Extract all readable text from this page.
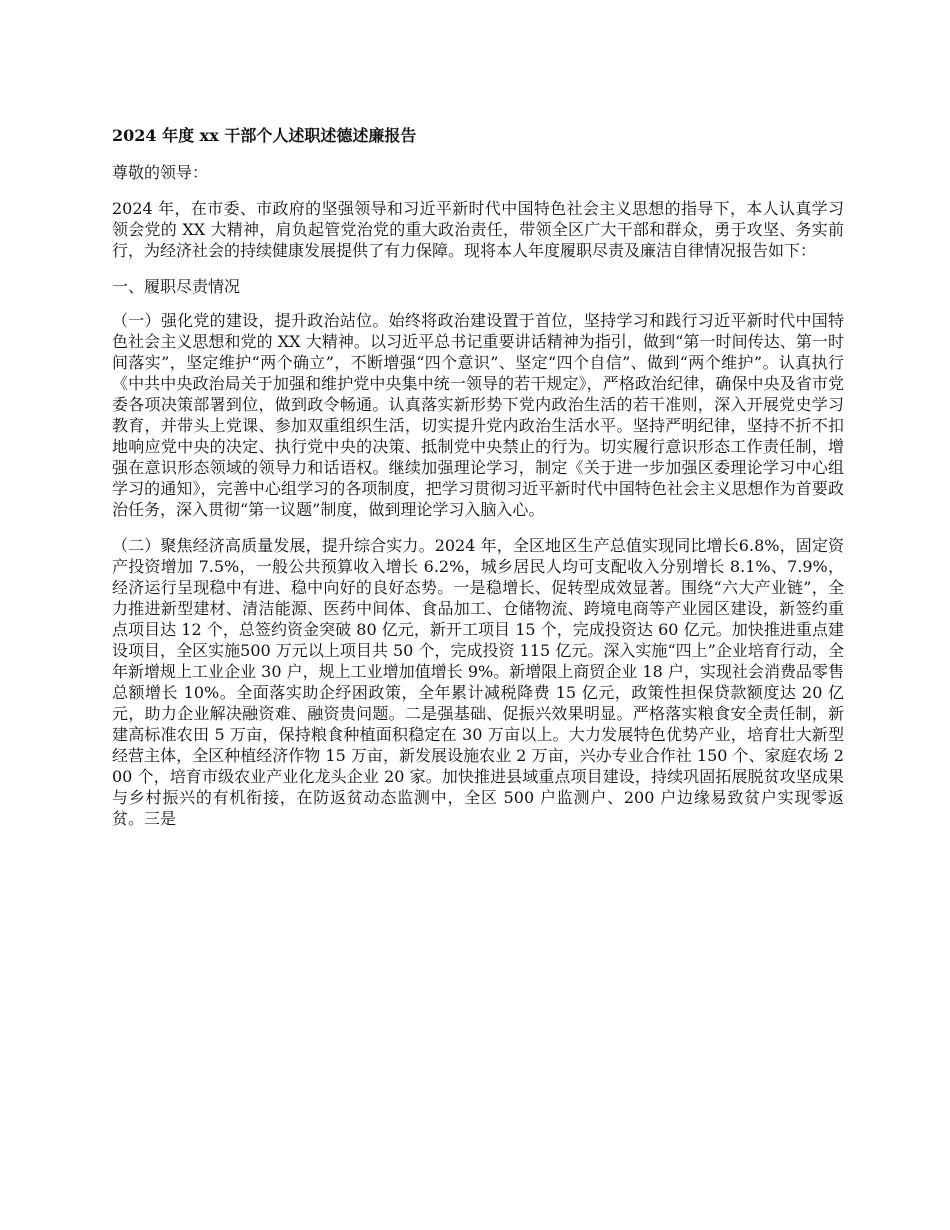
2024 年度 xx 干部个人述职述德述廉报告
尊敬的领导：
2024 年，在市委、市政府的坚强领导和习近平新时代中国特色社会主义思想的指导下，本人认真学习领会党的 XX 大精神，肩负起管党治党的重大政治责任，带领全区广大干部和群众，勇于攻坚、务实前行，为经济社会的持续健康发展提供了有力保障。现将本人年度履职尽责及廉洁自律情况报告如下：
一、履职尽责情况
（一）强化党的建设，提升政治站位。始终将政治建设置于首位，坚持学习和践行习近平新时代中国特色社会主义思想和党的 XX 大精神。以习近平总书记重要讲话精神为指引，做到“第一时间传达、第一时间落实”，坚定维护“两个确立”，不断增强“四个意识”、坚定“四个自信”、做到“两个维护”。认真执行《中共中央政治局关于加强和维护党中央集中统一领导的若干规定》，严格政治纪律，确保中央及省市党委各项决策部署到位，做到政令畅通。认真落实新形势下党内政治生活的若干准则，深入开展党史学习教育，并带头上党课、参加双重组织生活，切实提升党内政治生活水平。坚持严明纪律，坚持不折不扣地响应党中央的决定、执行党中央的决策、抵制党中央禁止的行为。切实履行意识形态工作责任制，增强在意识形态领域的领导力和话语权。继续加强理论学习，制定《关于进一步加强区委理论学习中心组学习的通知》，完善中心组学习的各项制度，把学习贯彻习近平新时代中国特色社会主义思想作为首要政治任务，深入贯彻“第一议题”制度，做到理论学习入脑入心。
（二）聚焦经济高质量发展，提升综合实力。2024 年，全区地区生产总值实现同比增长6.8%，固定资产投资增加 7.5%，一般公共预算收入增长 6.2%，城乡居民人均可支配收入分别增长 8.1%、7.9%，经济运行呈现稳中有进、稳中向好的良好态势。一是稳增长、促转型成效显著。围绕“六大产业链”，全力推进新型建材、清洁能源、医药中间体、食品加工、仓储物流、跨境电商等产业园区建设，新签约重点项目达 12 个，总签约资金突破 80 亿元，新开工项目 15 个，完成投资达 60 亿元。加快推进重点建设项目，全区实施500 万元以上项目共 50 个，完成投资 115 亿元。深入实施“四上”企业培育行动，全年新增规上工业企业 30 户，规上工业增加值增长 9%。新增限上商贸企业 18 户，实现社会消费品零售总额增长 10%。全面落实助企纾困政策，全年累计减税降费 15 亿元，政策性担保贷款额度达 20 亿元，助力企业解决融资难、融资贵问题。二是强基础、促振兴效果明显。严格落实粮食安全责任制，新建高标准农田 5 万亩，保持粮食种植面积稳定在 30 万亩以上。大力发展特色优势产业，培育壮大新型经营主体，全区种植经济作物 15 万亩，新发展设施农业 2 万亩，兴办专业合作社 150 个、家庭农场 200 个，培育市级农业产业化龙头企业 20 家。加快推进县域重点项目建设，持续巩固拓展脱贫攻坚成果与乡村振兴的有机衔接，在防返贫动态监测中，全区 500 户监测户、200 户边缘易致贫户实现零返贫。三是
